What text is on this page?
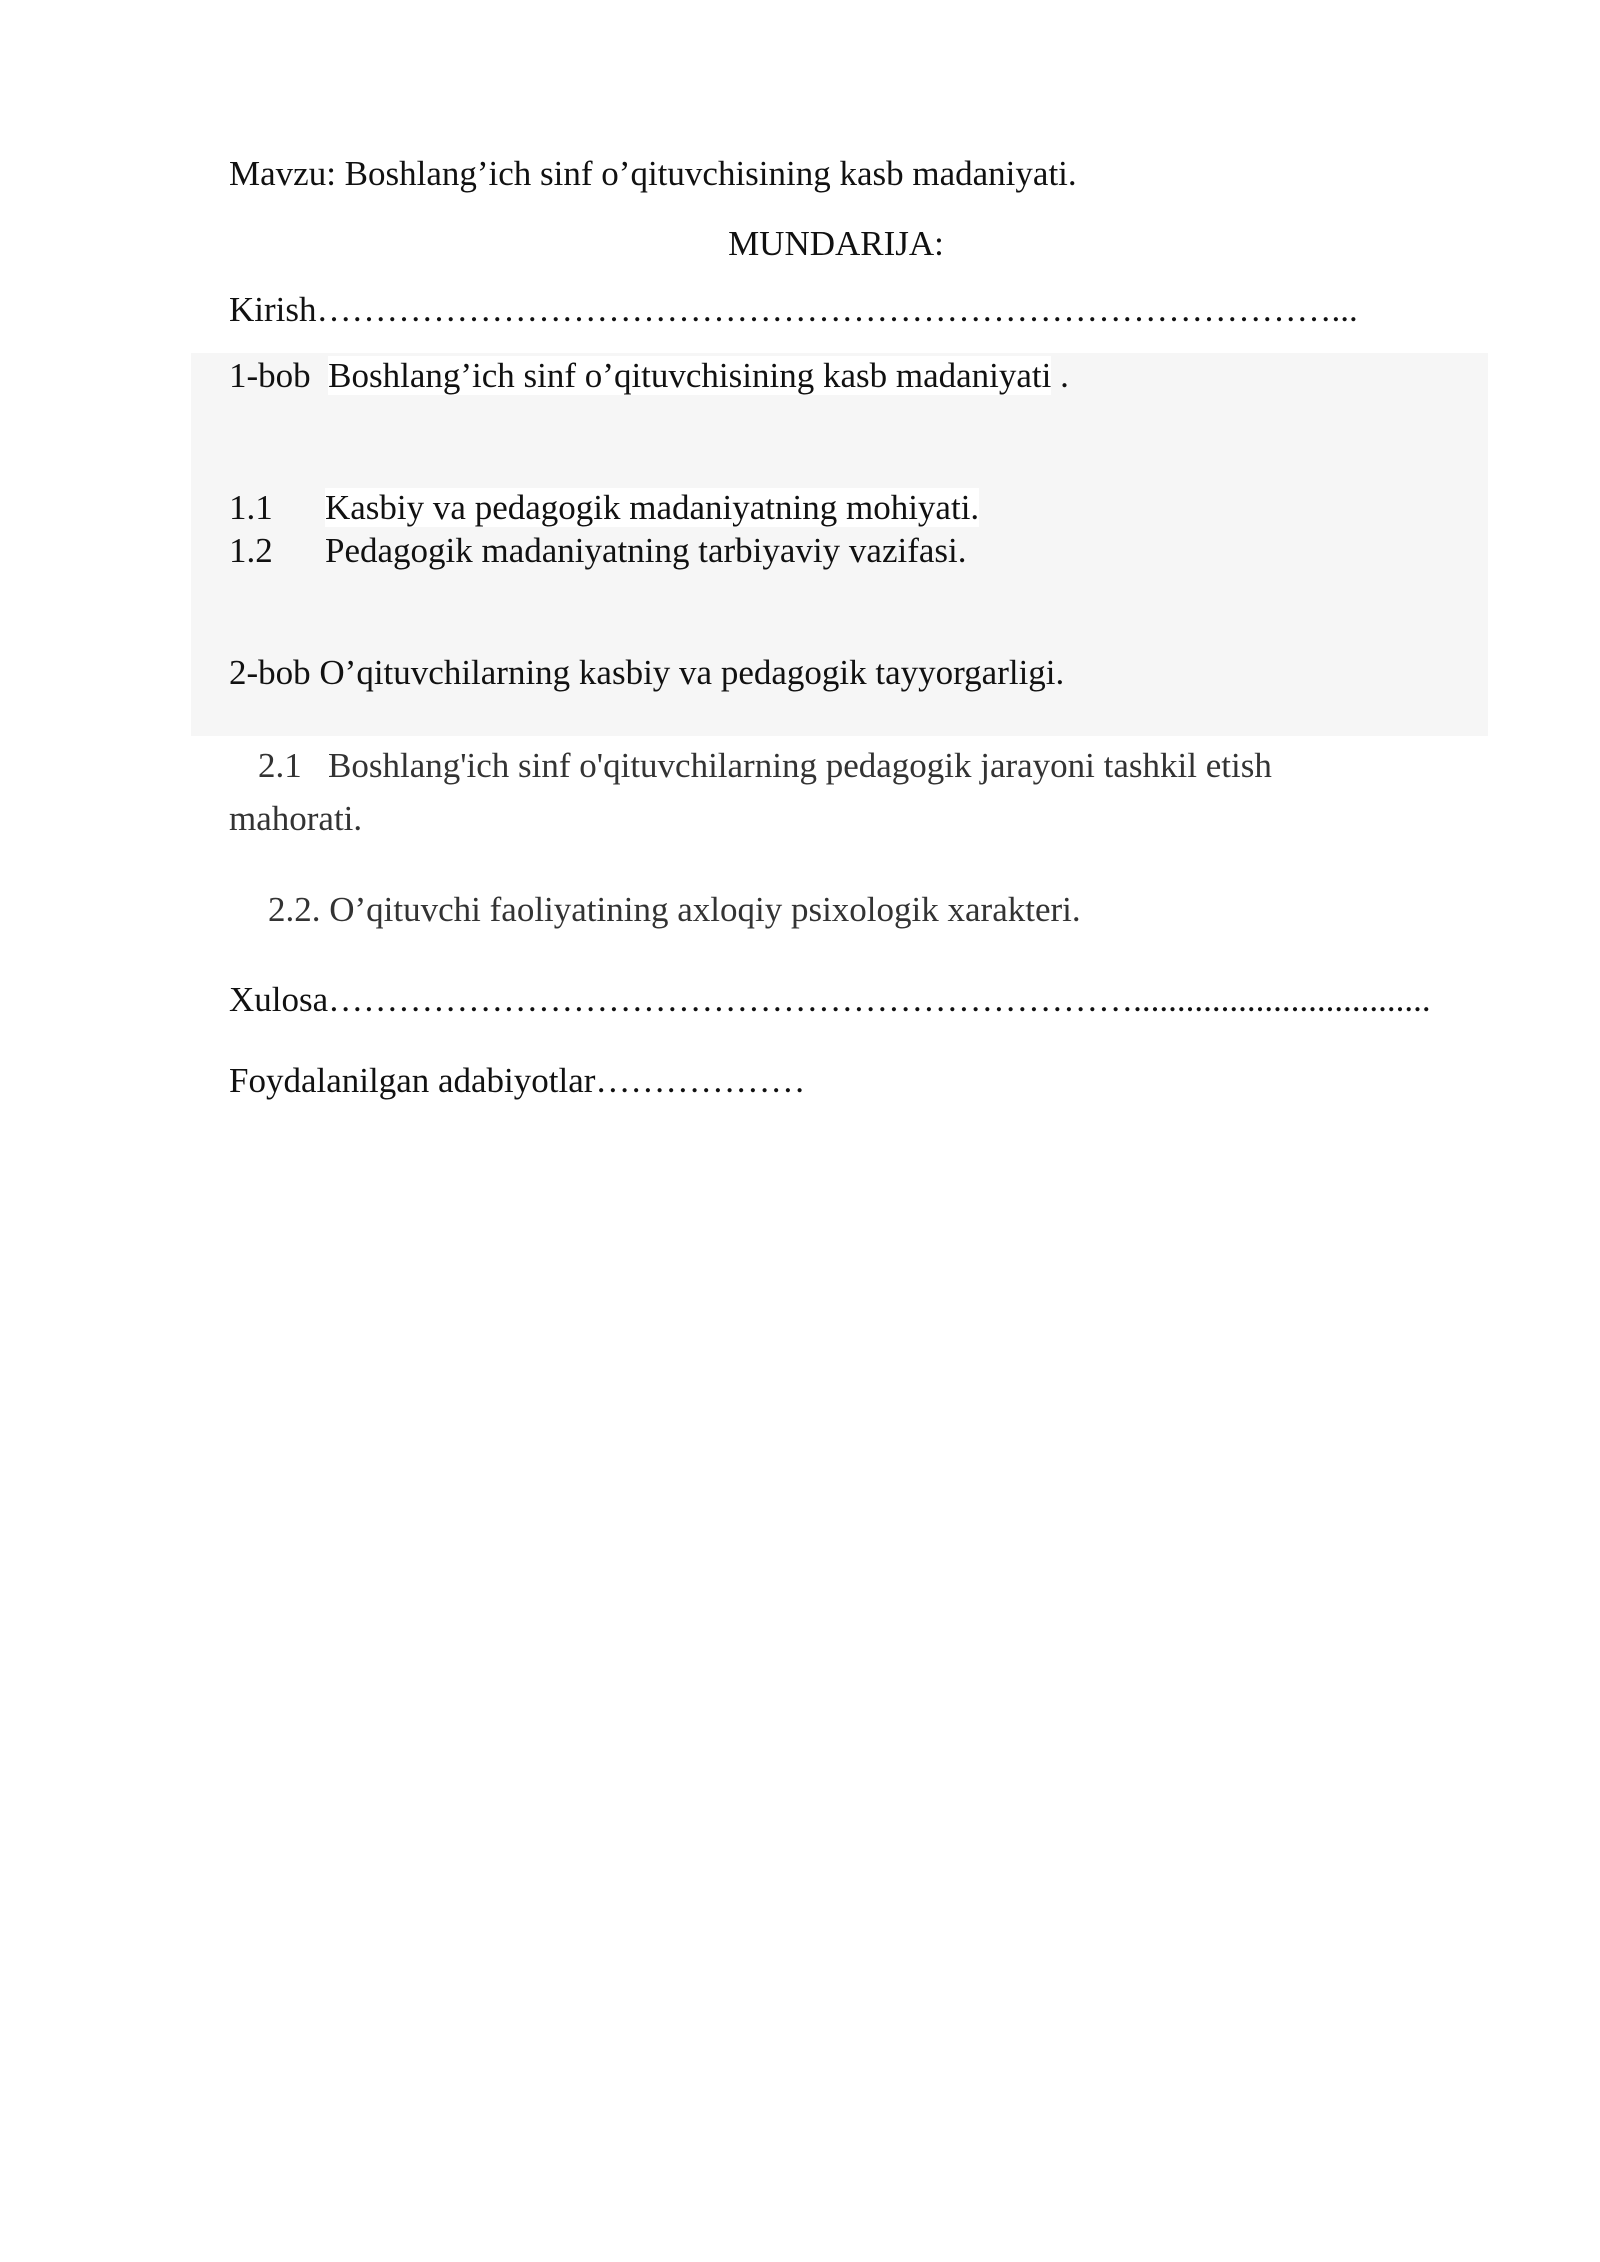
Mavzu: Boshlang’ich sinf o’qituvchisining kasb madaniyati.
MUNDARIJA:
Kirish……………………………………………………………………………...
1-bob Boshlang’ich sinf o’qituvchisining kasb madaniyati .
1.1 Kasbiy va pedagogik madaniyatning mohiyati.
1.2 Pedagogik madaniyatning tarbiyaviy vazifasi.
2-bob O’qituvchilarning kasbiy va pedagogik tayyorgarligi.
2.1 Boshlang'ich sinf o'qituvchilarning pedagogik jarayoni tashkil etish
mahorati.
2.2. O’qituvchi faoliyatining axloqiy psixologik xarakteri.
Xulosa……………………………………………………………..................................
Foydalanilgan adabiyotlar………………
